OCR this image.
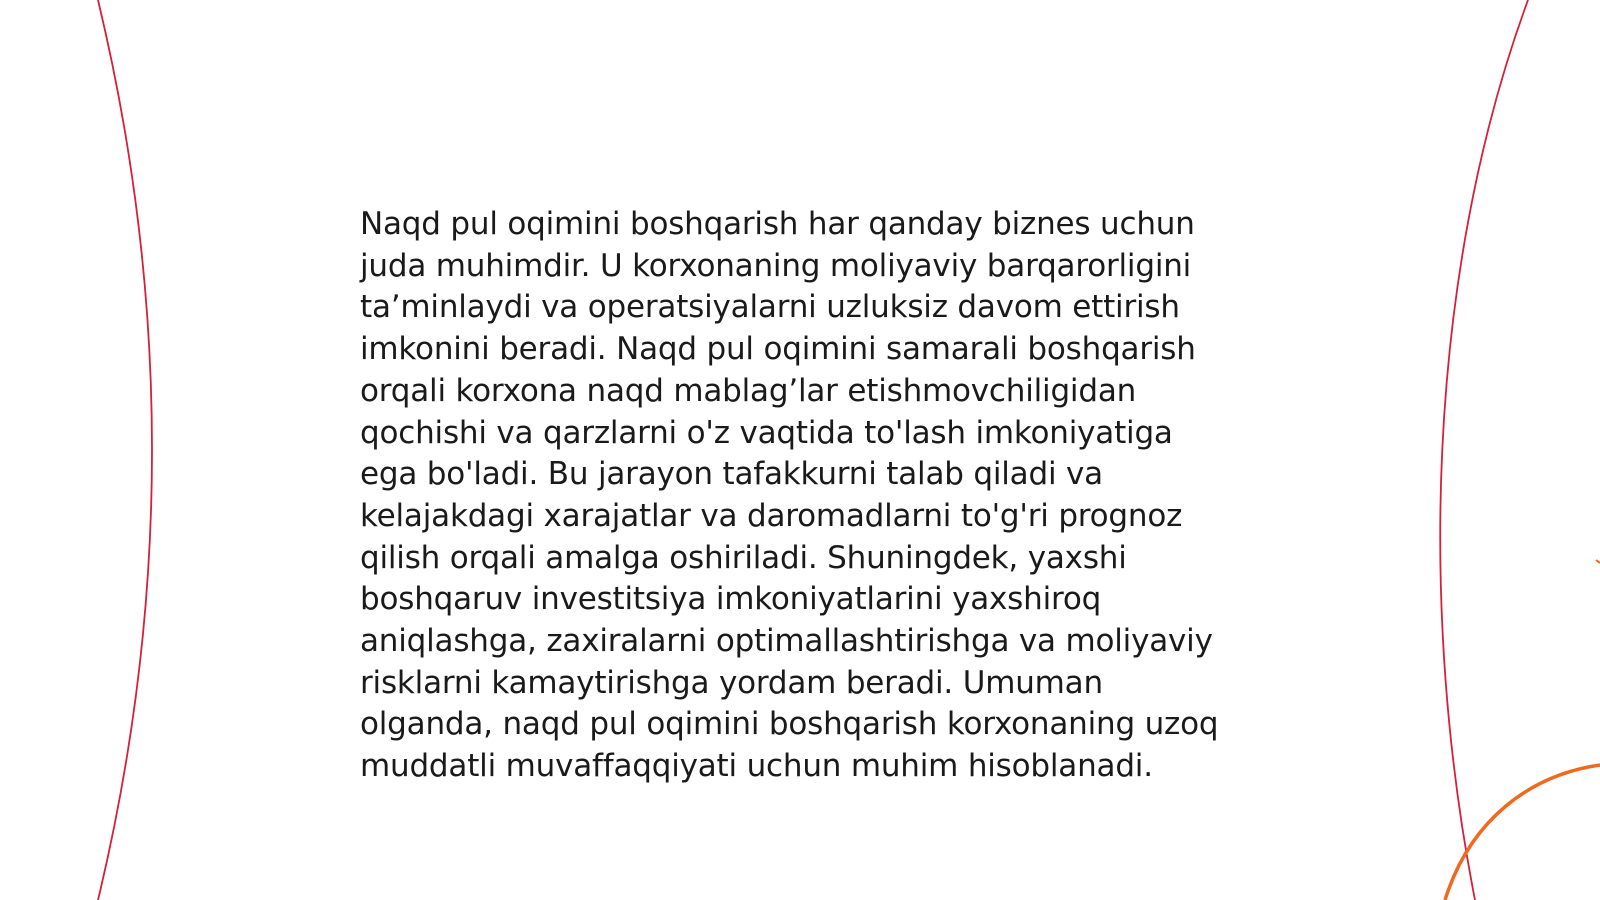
Naqd pul oqimini boshqarish har qanday biznes uchun juda muhimdir. U korxonaning moliyaviy barqarorligini ta’minlaydi va operatsiyalarni uzluksiz davom ettirish imkonini beradi. Naqd pul oqimini samarali boshqarish orqali korxona naqd mablag’lar etishmovchiligidan qochishi va qarzlarni o'z vaqtida to'lash imkoniyatiga ega bo'ladi. Bu jarayon tafakkurni talab qiladi va kelajakdagi xarajatlar va daromadlarni to'g'ri prognoz qilish orqali amalga oshiriladi. Shuningdek, yaxshi boshqaruv investitsiya imkoniyatlarini yaxshiroq aniqlashga, zaxiralarni optimallashtirishga va moliyaviy risklarni kamaytirishga yordam beradi. Umuman olganda, naqd pul oqimini boshqarish korxonaning uzoq muddatli muvaffaqqiyati uchun muhim hisoblanadi.
